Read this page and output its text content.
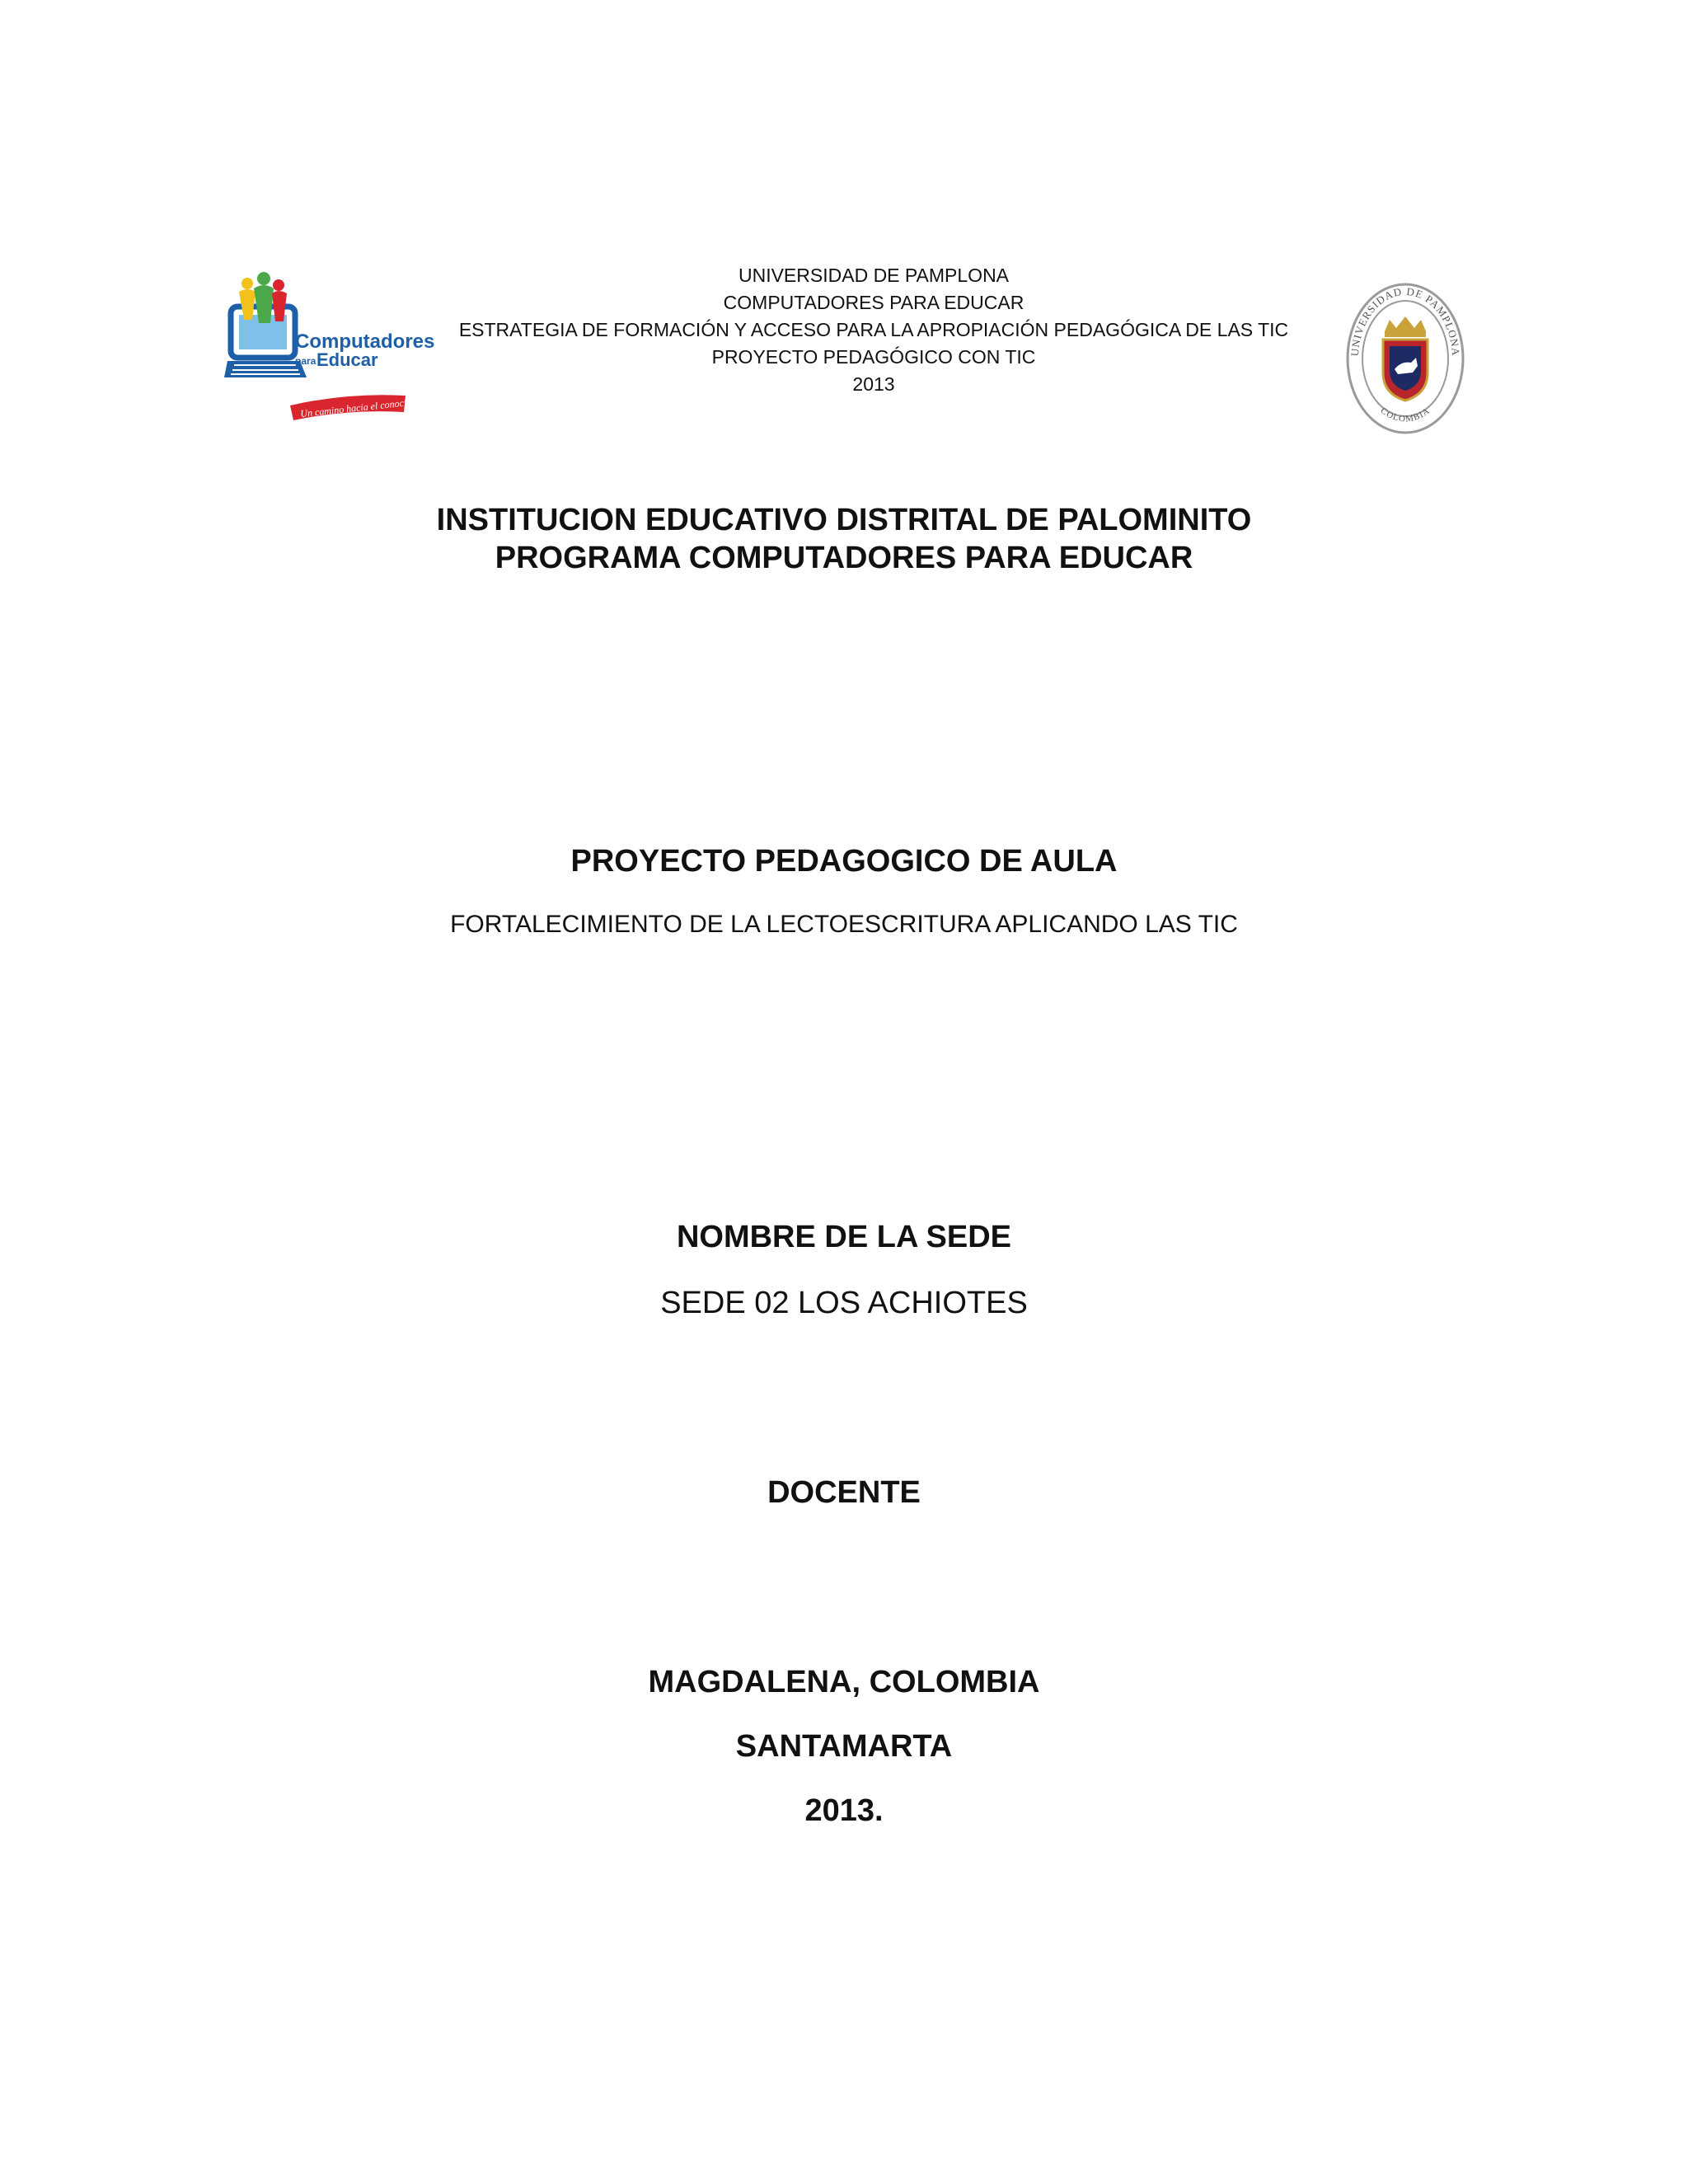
Computadores
para Educar
Un camino hacia el conocimiento
UNIVERSIDAD DE PAMPLONA
COLOMBIA
UNIVERSIDAD DE PAMPLONA
COMPUTADORES PARA EDUCAR
ESTRATEGIA DE FORMACIÓN Y ACCESO PARA LA APROPIACIÓN PEDAGÓGICA DE LAS TIC
PROYECTO PEDAGÓGICO CON TIC
2013
INSTITUCION EDUCATIVO DISTRITAL DE PALOMINITO
PROGRAMA COMPUTADORES PARA EDUCAR
PROYECTO PEDAGOGICO DE AULA
FORTALECIMIENTO DE LA LECTOESCRITURA APLICANDO LAS TIC
NOMBRE DE LA SEDE
SEDE 02 LOS ACHIOTES
DOCENTE
MAGDALENA, COLOMBIA
SANTAMARTA
2013.
